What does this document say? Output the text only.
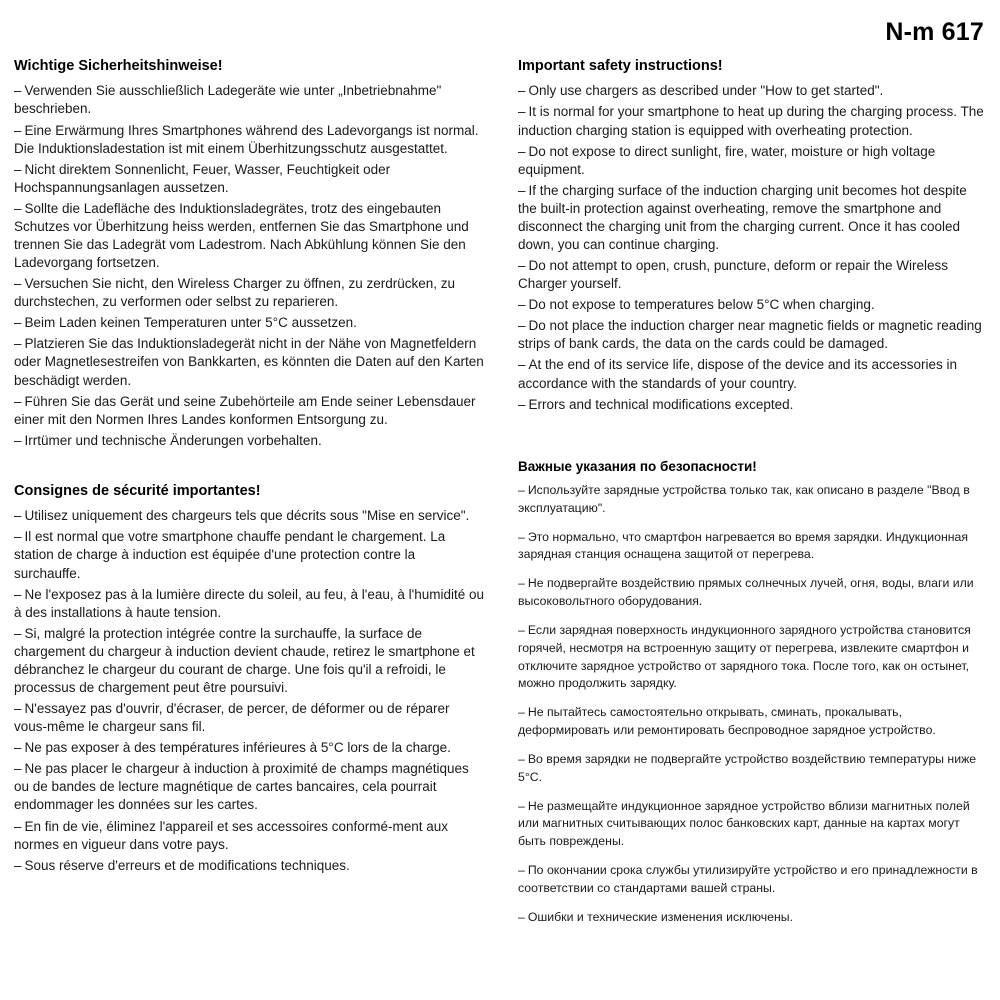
N-m 617
Wichtige Sicherheitshinweise!
– Verwenden Sie ausschließlich Ladegeräte wie unter „Inbetriebnahme" beschrieben.
– Eine Erwärmung Ihres Smartphones während des Ladevorgangs ist normal. Die Induktionsladestation ist mit einem Überhitzungsschutz ausgestattet.
– Nicht direktem Sonnenlicht, Feuer, Wasser, Feuchtigkeit oder Hochspannungsanlagen aussetzen.
– Sollte die Ladefläche des Induktionsladegrätes, trotz des eingebauten Schutzes vor Überhitzung heiss werden, entfernen Sie das Smartphone und trennen Sie das Ladegrät vom Ladestrom. Nach Abkühlung können Sie den Ladevorgang fortsetzen.
– Versuchen Sie nicht, den Wireless Charger zu öffnen, zu zerdrücken, zu durchstechen, zu verformen oder selbst zu reparieren.
– Beim Laden keinen Temperaturen unter 5°C aussetzen.
– Platzieren Sie das Induktionsladegerät nicht in der Nähe von Magnetfeldern oder Magnetlesestreifen von Bankkarten, es könnten die Daten auf den Karten beschädigt werden.
– Führen Sie das Gerät und seine Zubehörteile am Ende seiner Lebensdauer einer mit den Normen Ihres Landes konformen Entsorgung zu.
– Irrtümer und technische Änderungen vorbehalten.
Consignes de sécurité importantes!
– Utilisez uniquement des chargeurs tels que décrits sous "Mise en service".
– Il est normal que votre smartphone chauffe pendant le chargement. La station de charge à induction est équipée d'une protection contre la surchauffe.
– Ne l'exposez pas à la lumière directe du soleil, au feu, à l'eau, à l'humidité ou à des installations à haute tension.
– Si, malgré la protection intégrée contre la surchauffe, la surface de chargement du chargeur à induction devient chaude, retirez le smartphone et débranchez le chargeur du courant de charge. Une fois qu'il a refroidi, le processus de chargement peut être poursuivi.
– N'essayez pas d'ouvrir, d'écraser, de percer, de déformer ou de réparer vous-même le chargeur sans fil.
– Ne pas exposer à des températures inférieures à 5°C lors de la charge.
– Ne pas placer le chargeur à induction à proximité de champs magnétiques ou de bandes de lecture magnétique de cartes bancaires, cela pourrait endommager les données sur les cartes.
– En fin de vie, éliminez l'appareil et ses accessoires conformé-ment aux normes en vigueur dans votre pays.
– Sous réserve d'erreurs et de modifications techniques.
Important safety instructions!
– Only use chargers as described under "How to get started".
– It is normal for your smartphone to heat up during the charging process. The induction charging station is equipped with overheating protection.
– Do not expose to direct sunlight, fire, water, moisture or high voltage equipment.
– If the charging surface of the induction charging unit becomes hot despite the built-in protection against overheating, remove the smartphone and disconnect the charging unit from the charging current. Once it has cooled down, you can continue charging.
– Do not attempt to open, crush, puncture, deform or repair the Wireless Charger yourself.
– Do not expose to temperatures below 5°C when charging.
– Do not place the induction charger near magnetic fields or magnetic reading strips of bank cards, the data on the cards could be damaged.
– At the end of its service life, dispose of the device and its accessories in accordance with the standards of your country.
– Errors and technical modifications excepted.
Важные указания по безопасности!
– Используйте зарядные устройства только так, как описано в разделе "Ввод в эксплуатацию".
– Это нормально, что смартфон нагревается во время зарядки. Индукционная зарядная станция оснащена защитой от перегрева.
– Не подвергайте воздействию прямых солнечных лучей, огня, воды, влаги или высоковольтного оборудования.
– Если зарядная поверхность индукционного зарядного устройства становится горячей, несмотря на встроенную защиту от перегрева, извлеките смартфон и отключите зарядное устройство от зарядного тока. После того, как он остынет, можно продолжить зарядку.
– Не пытайтесь самостоятельно открывать, сминать, прокалывать, деформировать или ремонтировать беспроводное зарядное устройство.
– Во время зарядки не подвергайте устройство воздействию температуры ниже 5°C.
– Не размещайте индукционное зарядное устройство вблизи магнитных полей или магнитных считывающих полос банковских карт, данные на картах могут быть повреждены.
– По окончании срока службы утилизируйте устройство и его принадлежности в соответствии со стандартами вашей страны.
– Ошибки и технические изменения исключены.
